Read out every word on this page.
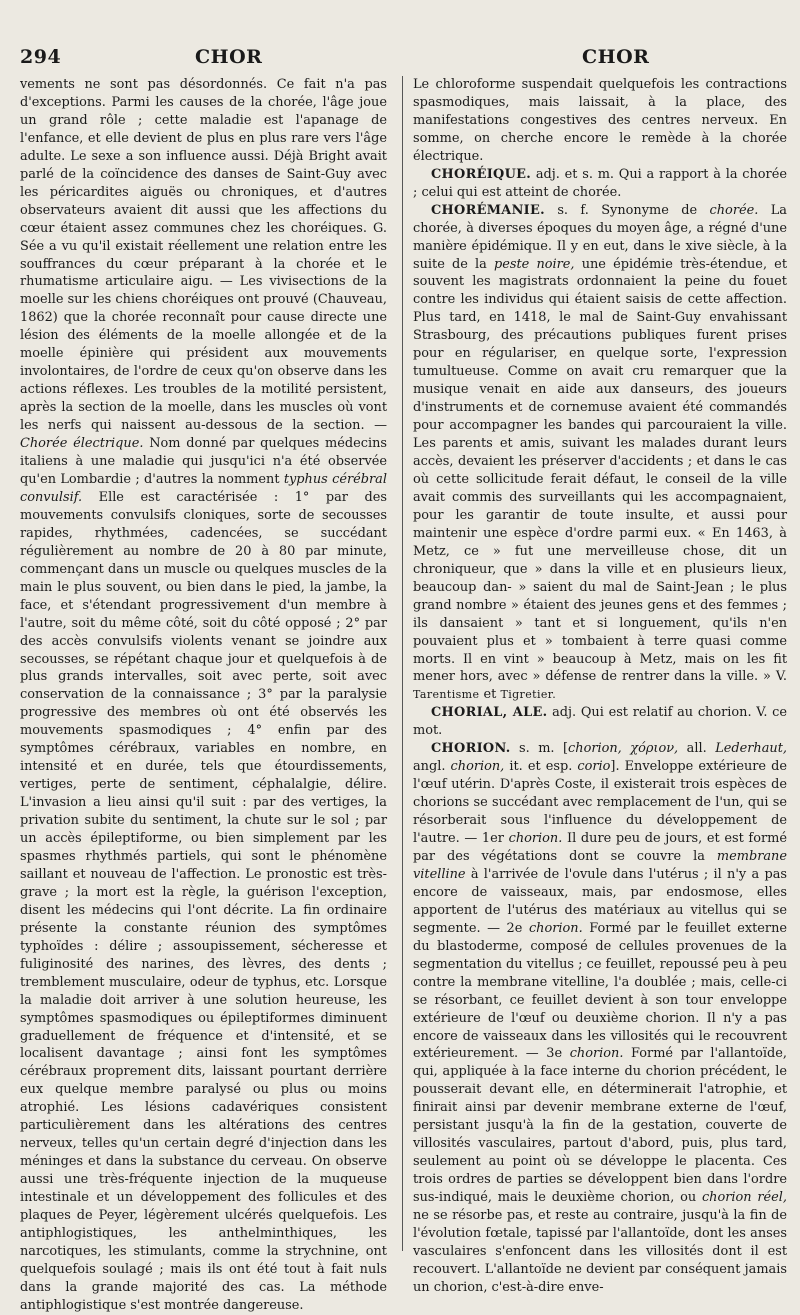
294	CHOR	CHOR

vements ne sont pas désordonnés. Ce fait n'a pas d'exceptions. Parmi les causes de la chorée, l'âge joue un grand rôle ; cette maladie est l'apanage de l'enfance, et elle devient de plus en plus rare vers l'âge adulte. Le sexe a son influence aussi. Déjà Bright avait parlé de la coïncidence des danses de Saint-Guy avec les péricardites aiguës ou chroniques, et d'autres observateurs avaient dit aussi que les affections du cœur étaient assez communes chez les choréiques. G. Sée a vu qu'il existait réellement une relation entre les souffrances du cœur préparant à la chorée et le rhumatisme articulaire aigu. — Les vivisections de la moelle sur les chiens choréiques ont prouvé (Chauveau, 1862) que la chorée reconnaît pour cause directe une lésion des éléments de la moelle allongée et de la moelle épinière qui président aux mouvements involontaires, de l'ordre de ceux qu'on observe dans les actions réflexes. Les troubles de la motilité persistent, après la section de la moelle, dans les muscles où vont les nerfs qui naissent au-dessous de la section. — Chorée électrique. Nom donné par quelques médecins italiens à une maladie qui jusqu'ici n'a été observée qu'en Lombardie ; d'autres la nomment typhus cérébral convulsif. Elle est caractérisée : 1° par des mouvements convulsifs cloniques, sorte de secousses rapides, rhythmées, cadencées, se succédant régulièrement au nombre de 20 à 80 par minute, commençant dans un muscle ou quelques muscles de la main le plus souvent, ou bien dans le pied, la jambe, la face, et s'étendant progressivement d'un membre à l'autre, soit du même côté, soit du côté opposé ; 2° par des accès convulsifs violents venant se joindre aux secousses, se répétant chaque jour et quelquefois à de plus grands intervalles, soit avec perte, soit avec conservation de la connaissance ; 3° par la paralysie progressive des membres où ont été observés les mouvements spasmodiques ; 4° enfin par des symptômes cérébraux, variables en nombre, en intensité et en durée, tels que étourdissements, vertiges, perte de sentiment, céphalalgie, délire. L'invasion a lieu ainsi qu'il suit : par des vertiges, la privation subite du sentiment, la chute sur le sol ; par un accès épileptiforme, ou bien simplement par les spasmes rhythmés partiels, qui sont le phénomène saillant et nouveau de l'affection. Le pronostic est très-grave ; la mort est la règle, la guérison l'exception, disent les médecins qui l'ont décrite. La fin ordinaire présente la constante réunion des symptômes typhoïdes : délire ; assoupissement, sécheresse et fuliginosité des narines, des lèvres, des dents ; tremblement musculaire, odeur de typhus, etc. Lorsque la maladie doit arriver à une solution heureuse, les symptômes spasmodiques ou épileptiformes diminuent graduellement de fréquence et d'intensité, et se localisent davantage ; ainsi font les symptômes cérébraux proprement dits, laissant pourtant derrière eux quelque membre paralysé ou plus ou moins atrophié. Les lésions cadavériques consistent particulièrement dans les altérations des centres nerveux, telles qu'un certain degré d'injection dans les méninges et dans la substance du cerveau. On observe aussi une très-fréquente injection de la muqueuse intestinale et un développement des follicules et des plaques de Peyer, légèrement ulcérés quelquefois. Les antiphlogistiques, les anthelminthiques, les narcotiques, les stimulants, comme la strychnine, ont quelquefois soulagé ; mais ils ont été tout à fait nuls dans la grande majorité des cas. La méthode antiphlogistique s'est montrée dangereuse.

Le chloroforme suspendait quelquefois les contractions spasmodiques, mais laissait, à la place, des manifestations congestives des centres nerveux. En somme, on cherche encore le remède à la chorée électrique.

CHORÉIQUE. adj. et s. m. Qui a rapport à la chorée ; celui qui est atteint de chorée.

CHORÉMANIE. s. f. Synonyme de chorée. La chorée, à diverses époques du moyen âge, a régné d'une manière épidémique. Il y en eut, dans le xive siècle, à la suite de la peste noire, une épidémie très-étendue, et souvent les magistrats ordonnaient la peine du fouet contre les individus qui étaient saisis de cette affection. Plus tard, en 1418, le mal de Saint-Guy envahissant Strasbourg, des précautions publiques furent prises pour en régulariser, en quelque sorte, l'expression tumultueuse. Comme on avait cru remarquer que la musique venait en aide aux danseurs, des joueurs d'instruments et de cornemuse avaient été commandés pour accompagner les bandes qui parcouraient la ville. Les parents et amis, suivant les malades durant leurs accès, devaient les préserver d'accidents ; et dans le cas où cette sollicitude ferait défaut, le conseil de la ville avait commis des surveillants qui les accompagnaient, pour les garantir de toute insulte, et aussi pour maintenir une espèce d'ordre parmi eux. « En 1463, à Metz, ce » fut une merveilleuse chose, dit un chroniqueur, que » dans la ville et en plusieurs lieux, beaucoup dan- » saient du mal de Saint-Jean ; le plus grand nombre » étaient des jeunes gens et des femmes ; ils dansaient » tant et si longuement, qu'ils n'en pouvaient plus et » tombaient à terre quasi comme morts. Il en vint » beaucoup à Metz, mais on les fit mener hors, avec » défense de rentrer dans la ville. » V. Tarentisme et Tigretier.

CHORIAL, ALE. adj. Qui est relatif au chorion. V. ce mot.

CHORION. s. m. [chorion, χόριον, all. Lederhaut, angl. chorion, it. et esp. corio]. Enveloppe extérieure de l'œuf utérin. D'après Coste, il existerait trois espèces de chorions se succédant avec remplacement de l'un, qui se résorberait sous l'influence du développement de l'autre. — 1er chorion. Il dure peu de jours, et est formé par des végétations dont se couvre la membrane vitelline à l'arrivée de l'ovule dans l'utérus ; il n'y a pas encore de vaisseaux, mais, par endosmose, elles apportent de l'utérus des matériaux au vitellus qui se segmente. — 2e chorion. Formé par le feuillet externe du blastoderme, composé de cellules provenues de la segmentation du vitellus ; ce feuillet, repoussé peu à peu contre la membrane vitelline, l'a doublée ; mais, celle-ci se résorbant, ce feuillet devient à son tour enveloppe extérieure de l'œuf ou deuxième chorion. Il n'y a pas encore de vaisseaux dans les villosités qui le recouvrent extérieurement. — 3e chorion. Formé par l'allantoïde, qui, appliquée à la face interne du chorion précédent, le pousserait devant elle, en déterminerait l'atrophie, et finirait ainsi par devenir membrane externe de l'œuf, persistant jusqu'à la fin de la gestation, couverte de villosités vasculaires, partout d'abord, puis, plus tard, seulement au point où se développe le placenta. Ces trois ordres de parties se développent bien dans l'ordre sus-indiqué, mais le deuxième chorion, ou chorion réel, ne se résorbe pas, et reste au contraire, jusqu'à la fin de l'évolution fœtale, tapissé par l'allantoïde, dont les anses vasculaires s'enfoncent dans les villosités dont il est recouvert. L'allantoïde ne devient par conséquent jamais un chorion, c'est-à-dire enve-
